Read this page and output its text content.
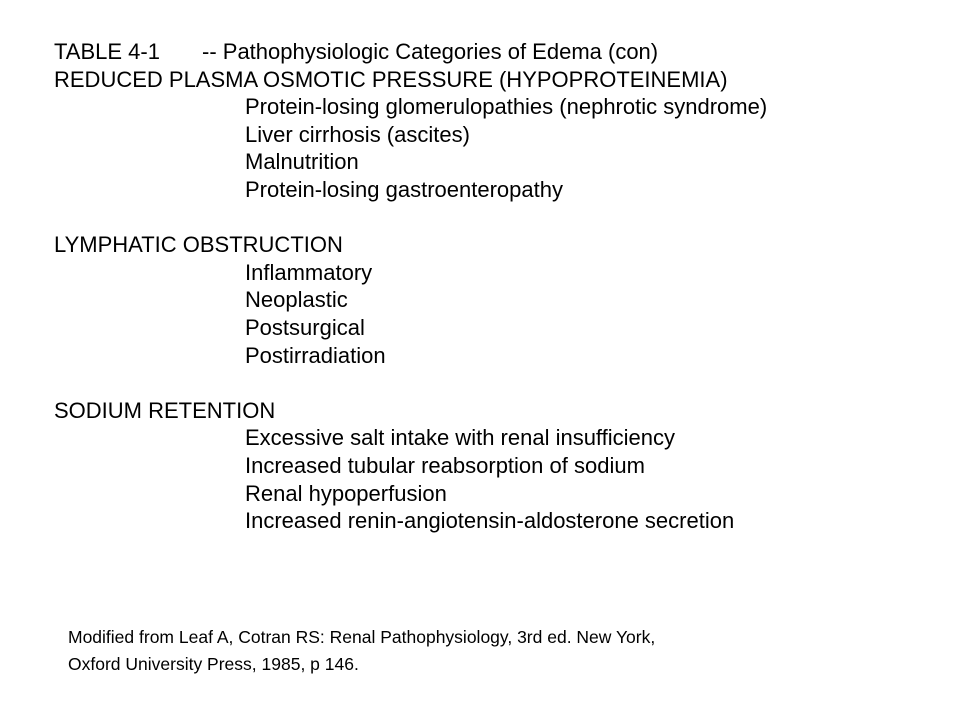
TABLE 4-1 -- Pathophysiologic Categories of Edema (con)
REDUCED PLASMA OSMOTIC PRESSURE (HYPOPROTEINEMIA)
Protein-losing glomerulopathies (nephrotic syndrome)
Liver cirrhosis (ascites)
Malnutrition
Protein-losing gastroenteropathy
LYMPHATIC OBSTRUCTION
Inflammatory
Neoplastic
Postsurgical
Postirradiation
SODIUM RETENTION
Excessive salt intake with renal insufficiency
Increased tubular reabsorption of sodium
Renal hypoperfusion
Increased renin-angiotensin-aldosterone secretion
Modified from Leaf A, Cotran RS: Renal Pathophysiology, 3rd ed. New York,
Oxford University Press, 1985, p 146.
